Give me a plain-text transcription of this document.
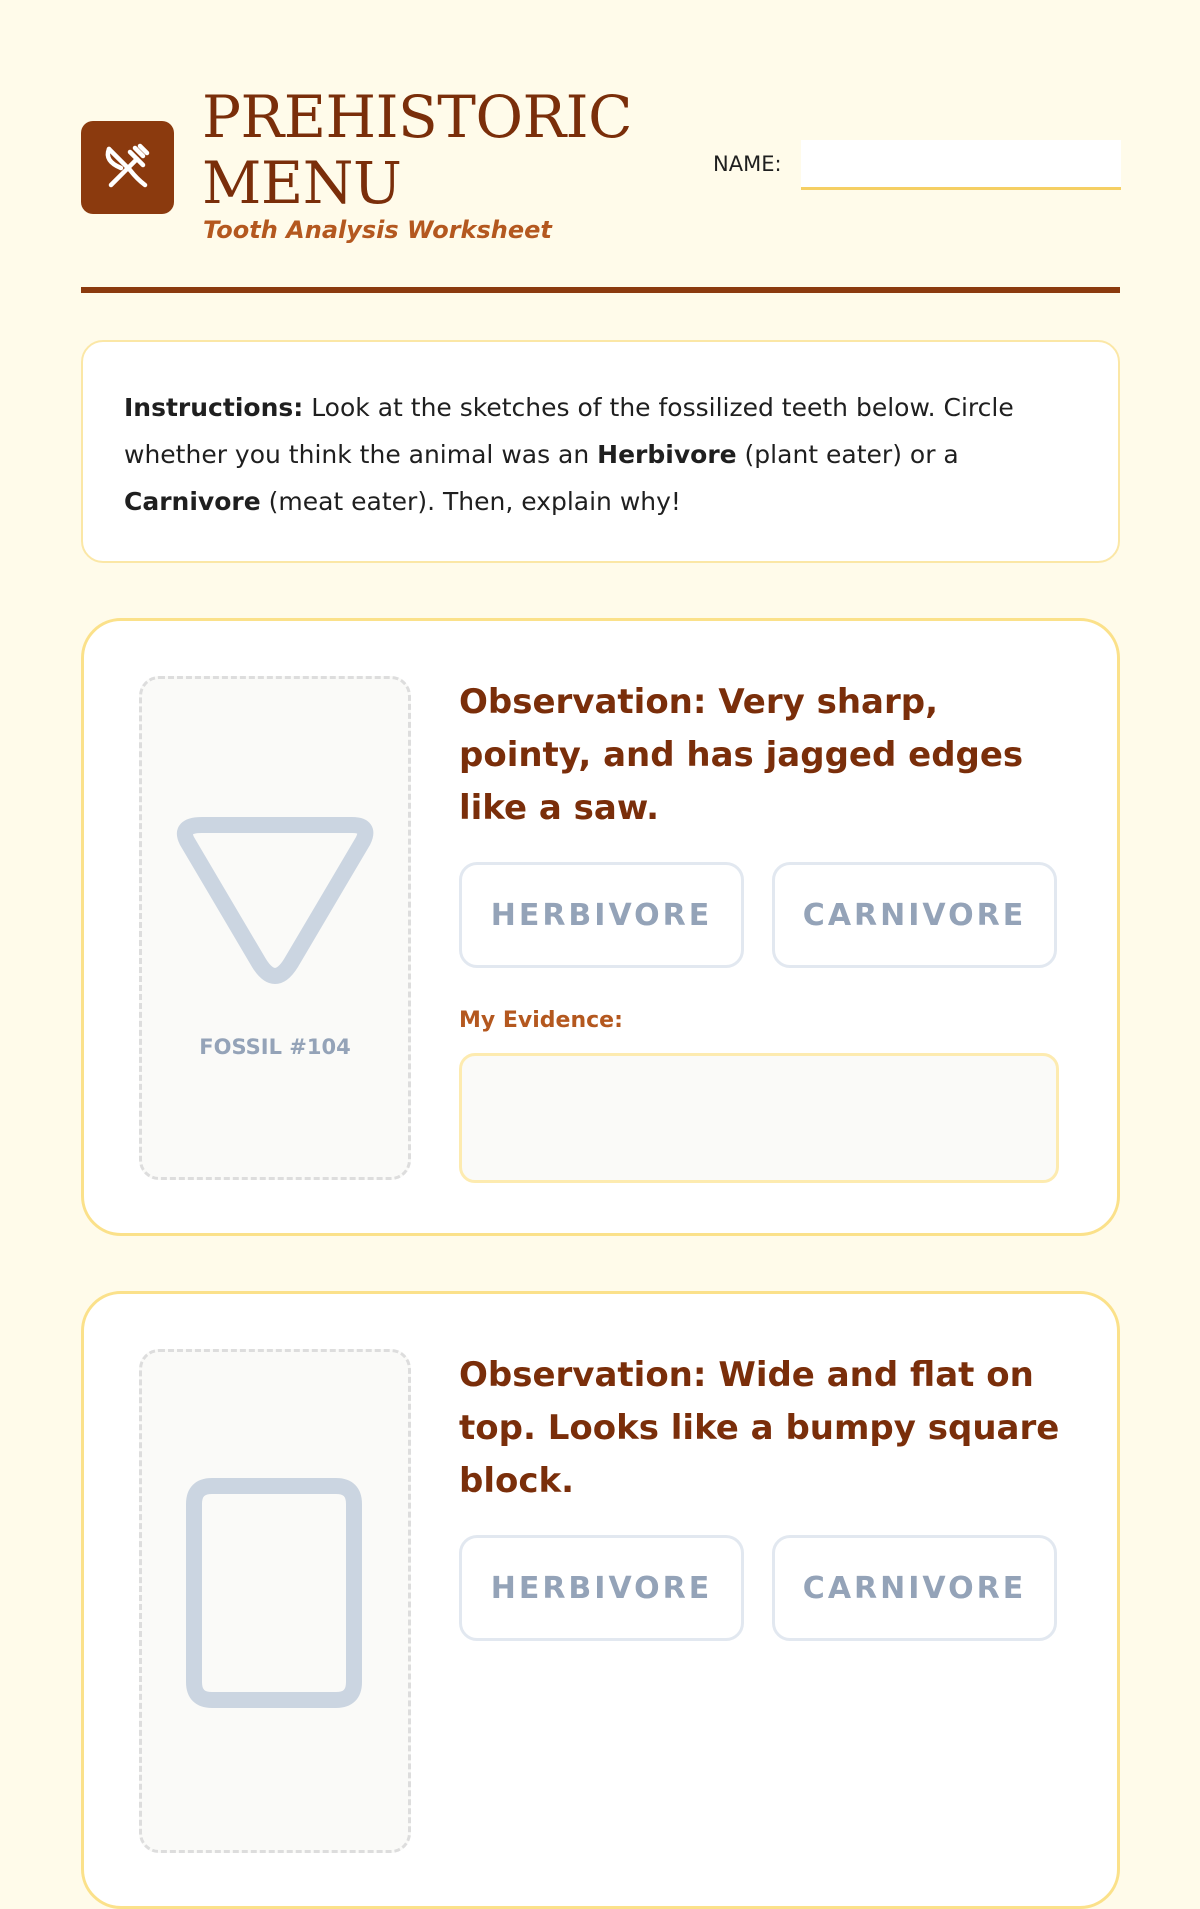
PREHISTORIC MENU
Tooth Analysis Worksheet
NAME:
Instructions: Look at the sketches of the fossilized teeth below. Circle whether you think the animal was an Herbivore (plant eater) or a Carnivore (meat eater). Then, explain why!
FOSSIL #104

Observation: Very sharp, pointy, and has jagged edges like a saw.

HERBIVORE	CARNIVORE
My Evidence:

Observation: Wide and flat on top. Looks like a bumpy square block.

HERBIVORE	CARNIVORE
